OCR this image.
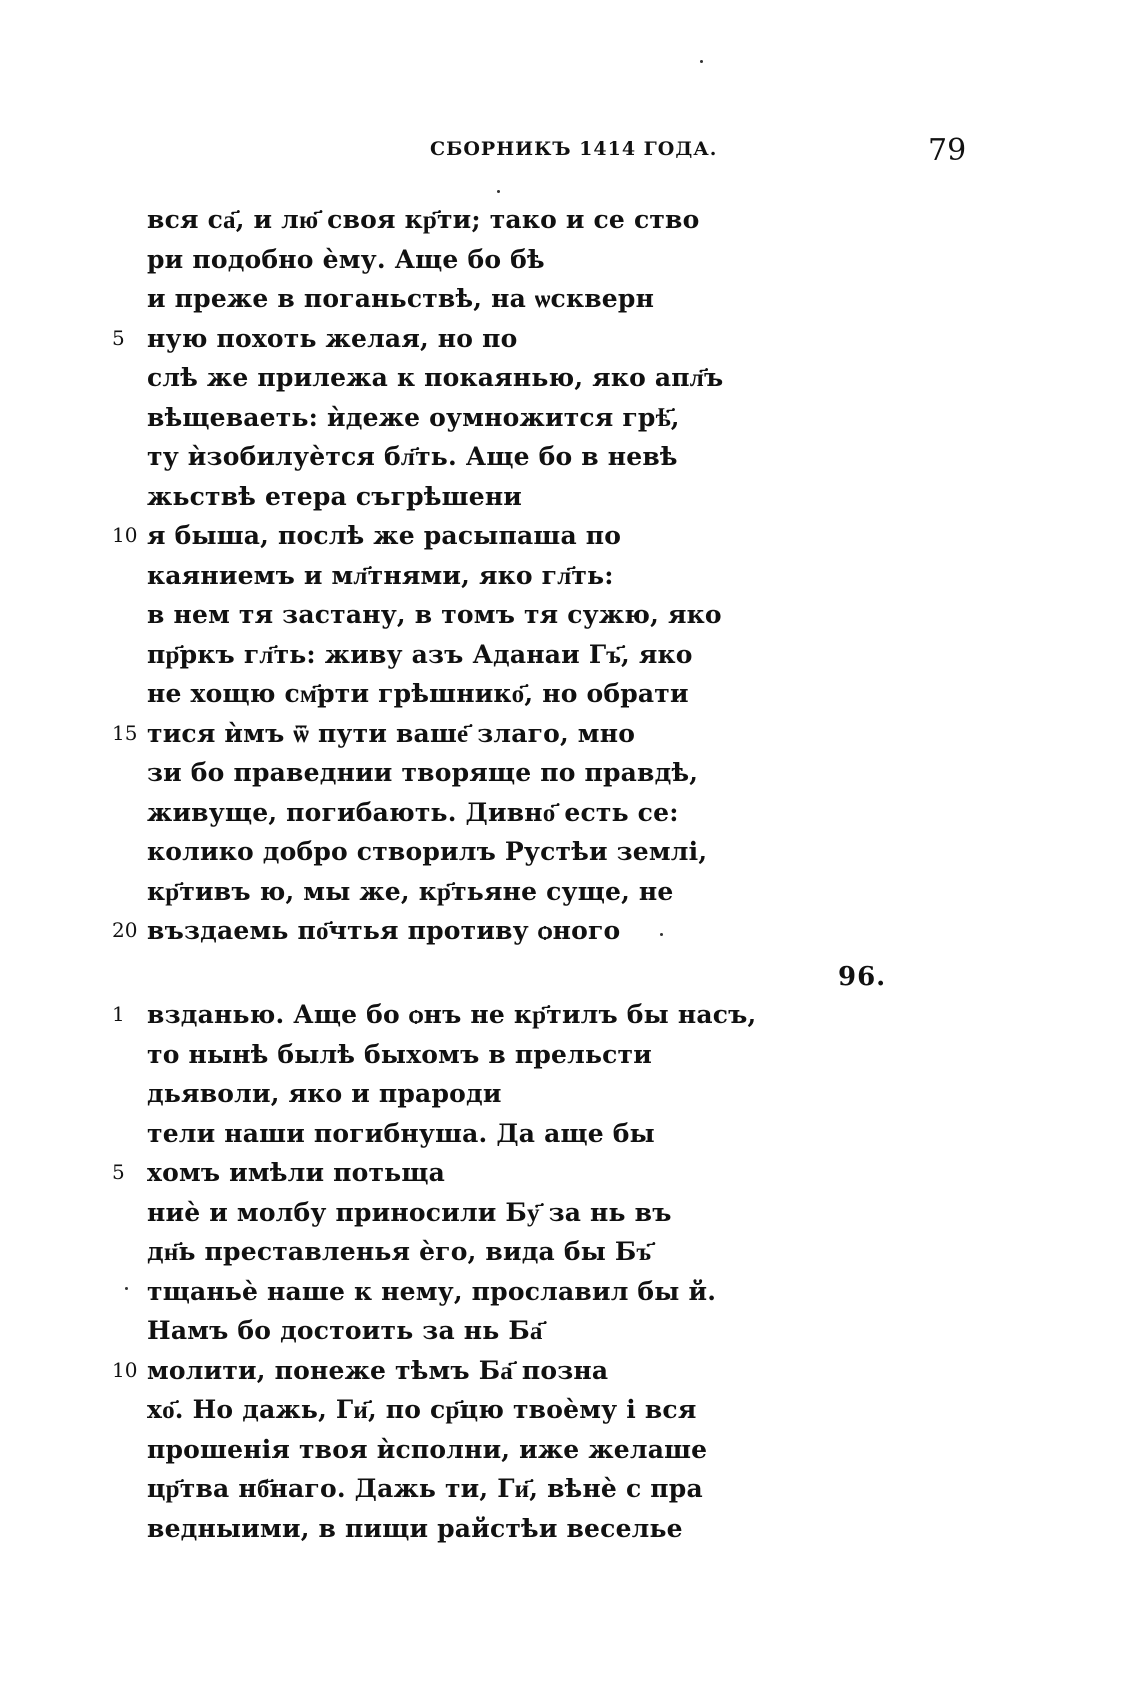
СБОРНИКЪ 1414 ГОДА.	79
вся са҃, и лю҃ своя кр҃ти; тако и се ство
ри подобно ѐму. Аще бо бѣ
и преже в поганьствѣ, на ѡскверн
5 ную похоть желая, но по
слѣ же прилежа к покаянью, яко апл҃ъ
вѣщеваеть: ѝдеже оумножится грѣ҃,
ту ѝзобилуѐтся бл҃ть. Аще бо в невѣ
жьствѣ етера съгрѣшени
10 я быша, послѣ же расыпаша по
каяниемъ и мл҃тнями, яко гл҃ть:
в нем тя застану, в томъ тя сужю, яко
пр҃ркъ гл҃ть: живу азъ Аданаи Гъ҃, яко
не хощю см҃рти грѣшнико҃, но обрати
15 тися ѝмъ ѿ пути ваше҃ злаго, мно
зи бо праведнии творяще по правдѣ,
живуще, погибають. Дивно҃ есть се:
колико добро створилъ Рустѣи землі,
кр҃тивъ ю, мы же, кр҃тьяне суще, не
20 въздаемь по҃чтья противу ѻного
96.
1 взданью. Аще бо ѻнъ не кр҃тилъ бы насъ,
то нынѣ былѣ быхомъ в прельсти
дьяволи, яко и прароди
тели наши погибнуша. Да аще бы
5 хомъ имѣли потьща
ниѐ и молбу приносили Бу҃ за нь въ
дн҃ь преставленья ѐго, вида бы Бъ҃
тщаньѐ наше к нему, прославил бы й.
Намъ бо достоить за нь Ба҃
10 молити, понеже тѣмъ Ба҃ позна
хо҃. Но дажь, Ги҃, по ср҃цю твоѐму і вся
прошенія твоя ѝсполни, иже желаше
цр҃тва нб҃наго. Дажь ти, Ги҃, вѣнѐ с пра
ведныими, в пищи райстѣи веселье
